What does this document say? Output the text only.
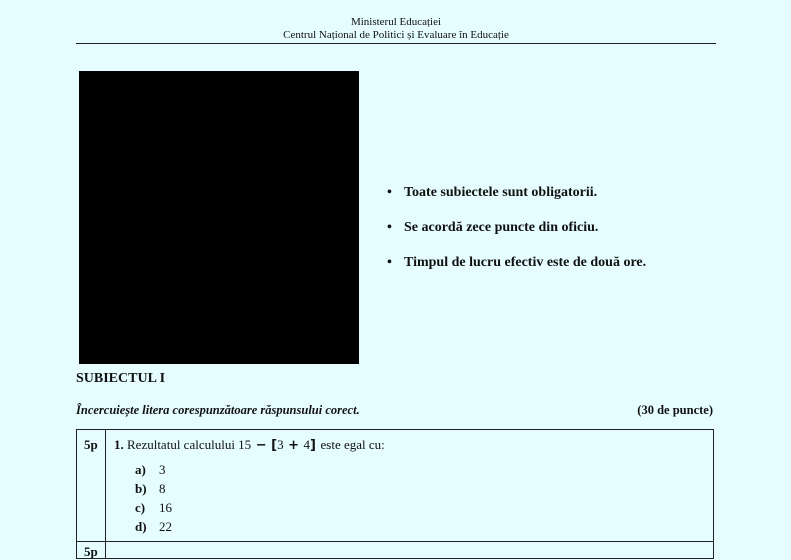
Ministerul Educației
Centrul Național de Politici și Evaluare în Educație
• Toate subiectele sunt obligatorii.
• Se acordă zece puncte din oficiu.
• Timpul de lucru efectiv este de două ore.
SUBIECTUL I
Încercuiește litera corespunzătoare răspunsului corect.	(30 de puncte)
5p
5p
1. Rezultatul calculului 15 − [3 + 4] este egal cu:
a) 3
b) 8
c) 16
d) 22
